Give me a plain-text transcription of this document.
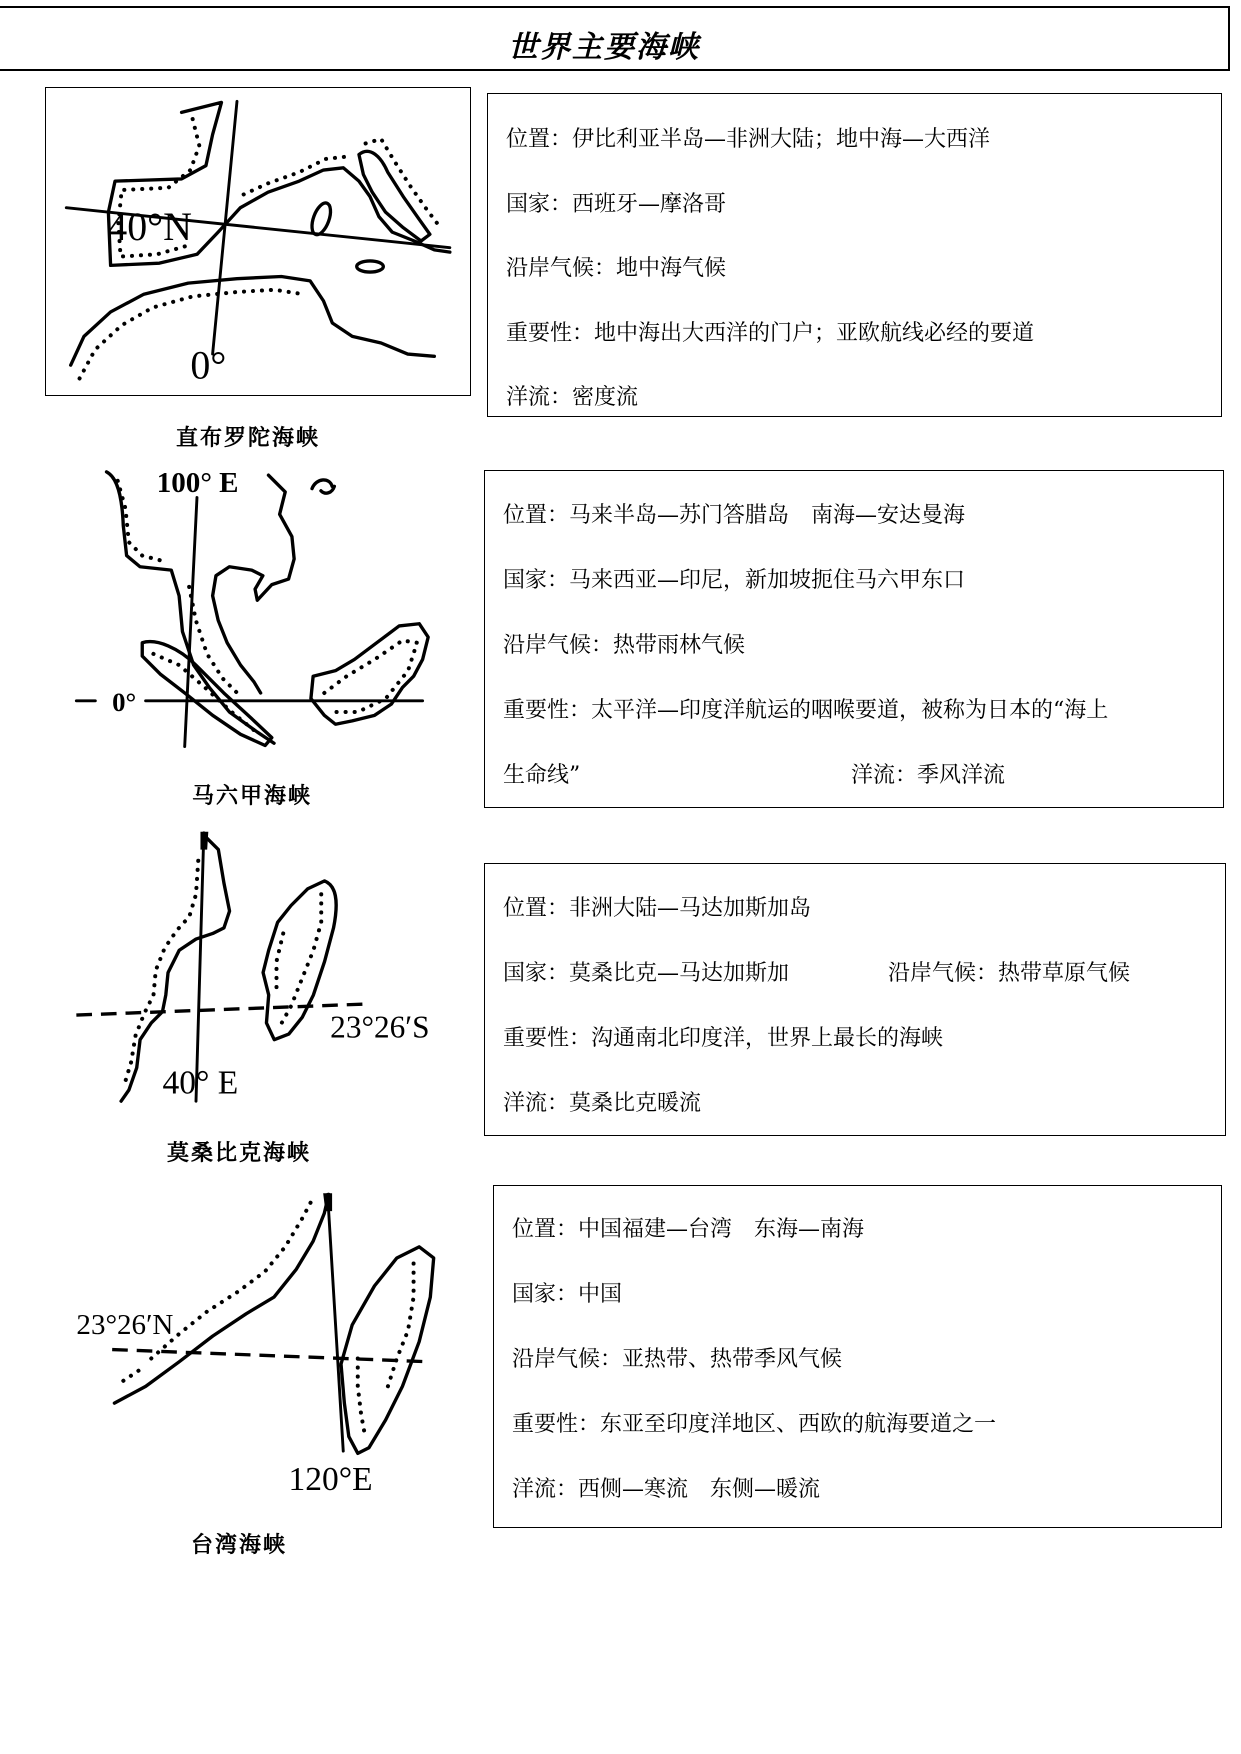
世界主要海峡
40°N
0°
直布罗陀海峡
位置：伊比利亚半岛—非洲大陆；地中海—大西洋
国家：西班牙—摩洛哥
沿岸气候：地中海气候
重要性：地中海出大西洋的门户；亚欧航线必经的要道
洋流：密度流
100° E
0°
马六甲海峡
位置：马来半岛—苏门答腊岛　南海—安达曼海
国家：马来西亚—印尼，新加坡扼住马六甲东口
沿岸气候：热带雨林气候
重要性：太平洋—印度洋航运的咽喉要道，被称为日本的“海上
生命线”	洋流：季风洋流
23°26′S
40° E
莫桑比克海峡
位置：非洲大陆—马达加斯加岛
国家：莫桑比克—马达加斯加	沿岸气候：热带草原气候
重要性：沟通南北印度洋，世界上最长的海峡
洋流：莫桑比克暖流
23°26′N
120°E
台湾海峡
位置：中国福建—台湾　东海—南海
国家：中国
沿岸气候：亚热带、热带季风气候
重要性：东亚至印度洋地区、西欧的航海要道之一
洋流：西侧—寒流　东侧—暖流
